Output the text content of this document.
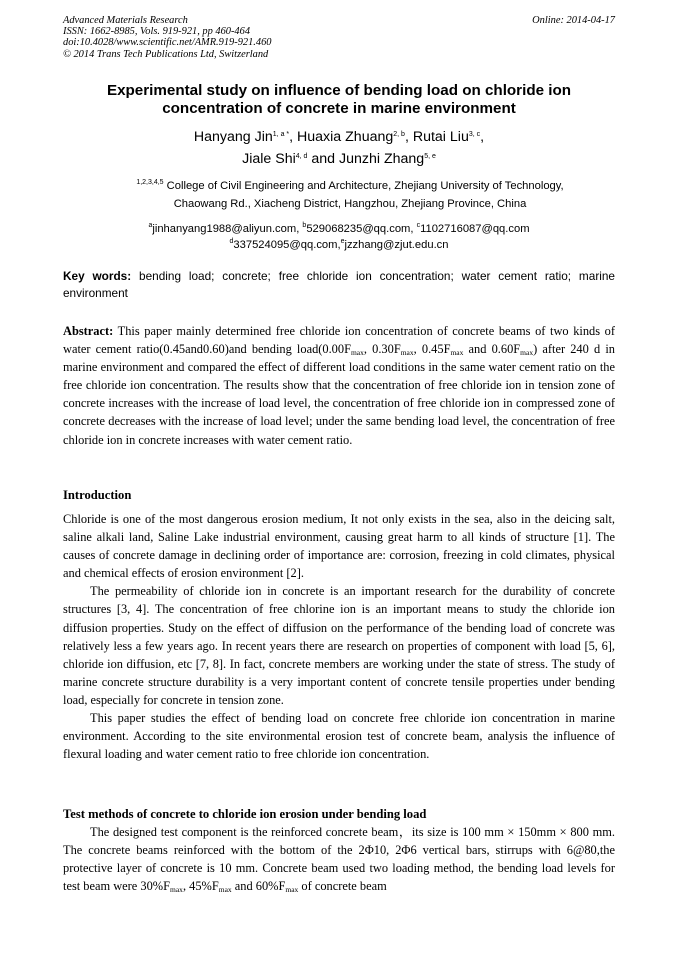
Advanced Materials Research
ISSN: 1662-8985, Vols. 919-921, pp 460-464
doi:10.4028/www.scientific.net/AMR.919-921.460
© 2014 Trans Tech Publications Ltd, Switzerland
Online: 2014-04-17
Experimental study on influence of bending load on chloride ion
concentration of concrete in marine environment
Hanyang Jin$^{1, a *}$, Huaxia Zhuang$^{2, b}$, Rutai Liu$^{3, c}$,
Jiale Shi$^{4, d}$ and Junzhi Zhang$^{5, e}$
$^{1,2,3,4,5}$ College of Civil Engineering and Architecture, Zhejiang University of Technology,
Chaowang Rd., Xiacheng District, Hangzhou, Zhejiang Province, China
$^a$jinhanyang1988@aliyun.com, $^b$529068235@qq.com, $^c$1102716087@qq.com
$^d$337524095@qq.com,$^e$jzzhang@zjut.edu.cn
Key words: bending load; concrete; free chloride ion concentration; water cement ratio; marine environment
Abstract: This paper mainly determined free chloride ion concentration of concrete beams of two kinds of water cement ratio(0.45and0.60)and bending $load(0.00F_{max}$, $0.30F_{max}$, $0.45F_{max}$ and $0.60F_{max}$) after 240 d in marine environment and compared the effect of different load conditions in the same water cement ratio on the free chloride ion concentration. The results show that the concentration of free chloride ion in tension zone of concrete increases with the increase of load level, the concentration of free chloride ion in compressed zone of concrete decreases with the increase of load level; under the same bending load level, the concentration of free chloride ion in concrete increases with water cement ratio.
Introduction

Chloride is one of the most dangerous erosion medium, It not only exists in the sea, also in the deicing salt, saline alkali land, Saline Lake industrial environment, causing great harm to all kinds of structure [1]. The causes of concrete damage in declining order of importance are: corrosion, freezing in cold climates, physical and chemical effects of erosion environment [2].

The permeability of chloride ion in concrete is an important research for the durability of concrete structures [3, 4]. The concentration of free chlorine ion is an important means to study the chloride ion diffusion properties. Study on the effect of diffusion on the performance of the bending load of concrete was relatively less a few years ago. In recent years there are research on properties of component with load [5, 6], chloride ion diffusion, etc [7, 8]. In fact, concrete members are working under the state of stress. The study of marine concrete structure durability is a very important content of concrete tensile properties under bending load, especially for concrete in tension zone.

This paper studies the effect of bending load on concrete free chloride ion concentration in marine environment. According to the site environmental erosion test of concrete beam, analysis the influence of flexural loading and water cement ratio to free chloride ion concentration.

Test methods of concrete to chloride ion erosion under bending load

The designed test component is the reinforced concrete beam，its size is 100 mm × 150mm × 800 mm. The concrete beams reinforced with the bottom of the 2Φ10, 2Φ6 vertical bars, stirrups with 6@80,the protective layer of concrete is 10 mm. Concrete beam used two loading method, the bending load levels for test beam were $30\%F_{max}$, $45\%F_{max}$ and $60\%F_{max}$ of concrete beam
